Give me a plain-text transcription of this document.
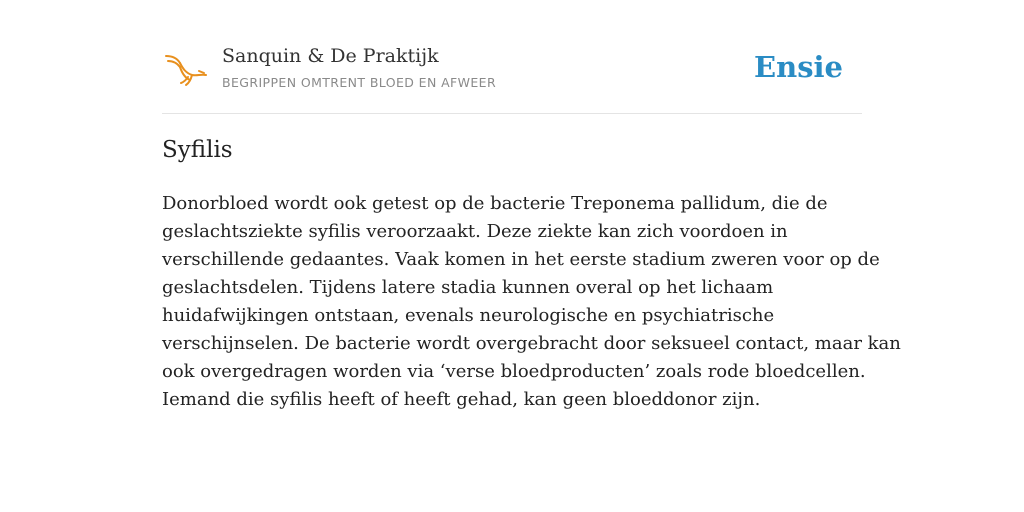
Sanquin & De Praktijk
BEGRIPPEN OMTRENT BLOED EN AFWEER	Ensie
Syfilis

Donorbloed wordt ook getest op de bacterie Treponema pallidum, die de
geslachtsziekte syfilis veroorzaakt. Deze ziekte kan zich voordoen in
verschillende gedaantes. Vaak komen in het eerste stadium zweren voor op de
geslachtsdelen. Tijdens latere stadia kunnen overal op het lichaam
huidafwijkingen ontstaan, evenals neurologische en psychiatrische
verschijnselen. De bacterie wordt overgebracht door seksueel contact, maar kan
ook overgedragen worden via ‘verse bloedproducten’ zoals rode bloedcellen.
Iemand die syfilis heeft of heeft gehad, kan geen bloeddonor zijn.
